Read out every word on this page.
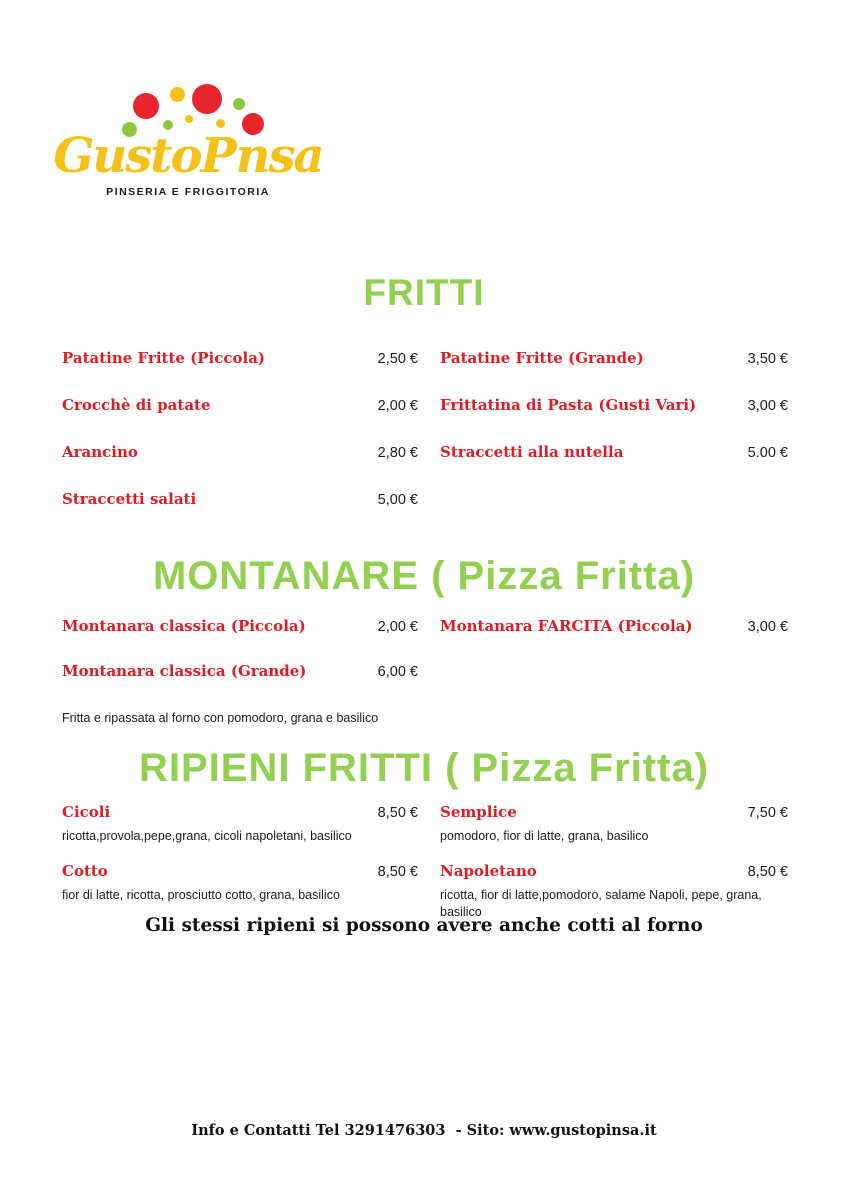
GustoP nsa
PINSERIA E FRIGGITORIA
FRITTI
Patatine Fritte (Piccola)	2,50 €
Crocchè di patate	2,00 €
Arancino	2,80 €
Straccetti salati	5,00 €
Patatine Fritte (Grande)	3,50 €
Frittatina di Pasta (Gusti Vari)	3,00 €
Straccetti alla nutella	5.00 €
MONTANARE ( Pizza Fritta)
Montanara classica (Piccola)	2,00 €
Montanara classica (Grande)	6,00 €
Fritta e ripassata al forno con pomodoro, grana e basilico
Montanara FARCITA (Piccola)	3,00 €
RIPIENI FRITTI ( Pizza Fritta)
Cicoli	8,50 €
ricotta,provola,pepe,grana, cicoli napoletani, basilico
Cotto	8,50 €
fior di latte, ricotta, prosciutto cotto, grana, basilico
Semplice	7,50 €
pomodoro, fior di latte, grana, basilico
Napoletano	8,50 €
ricotta, fior di latte,pomodoro, salame Napoli, pepe, grana, basilico
Gli stessi ripieni si possono avere anche cotti al forno
Info e Contatti Tel 3291476303  - Sito: www.gustopinsa.it
